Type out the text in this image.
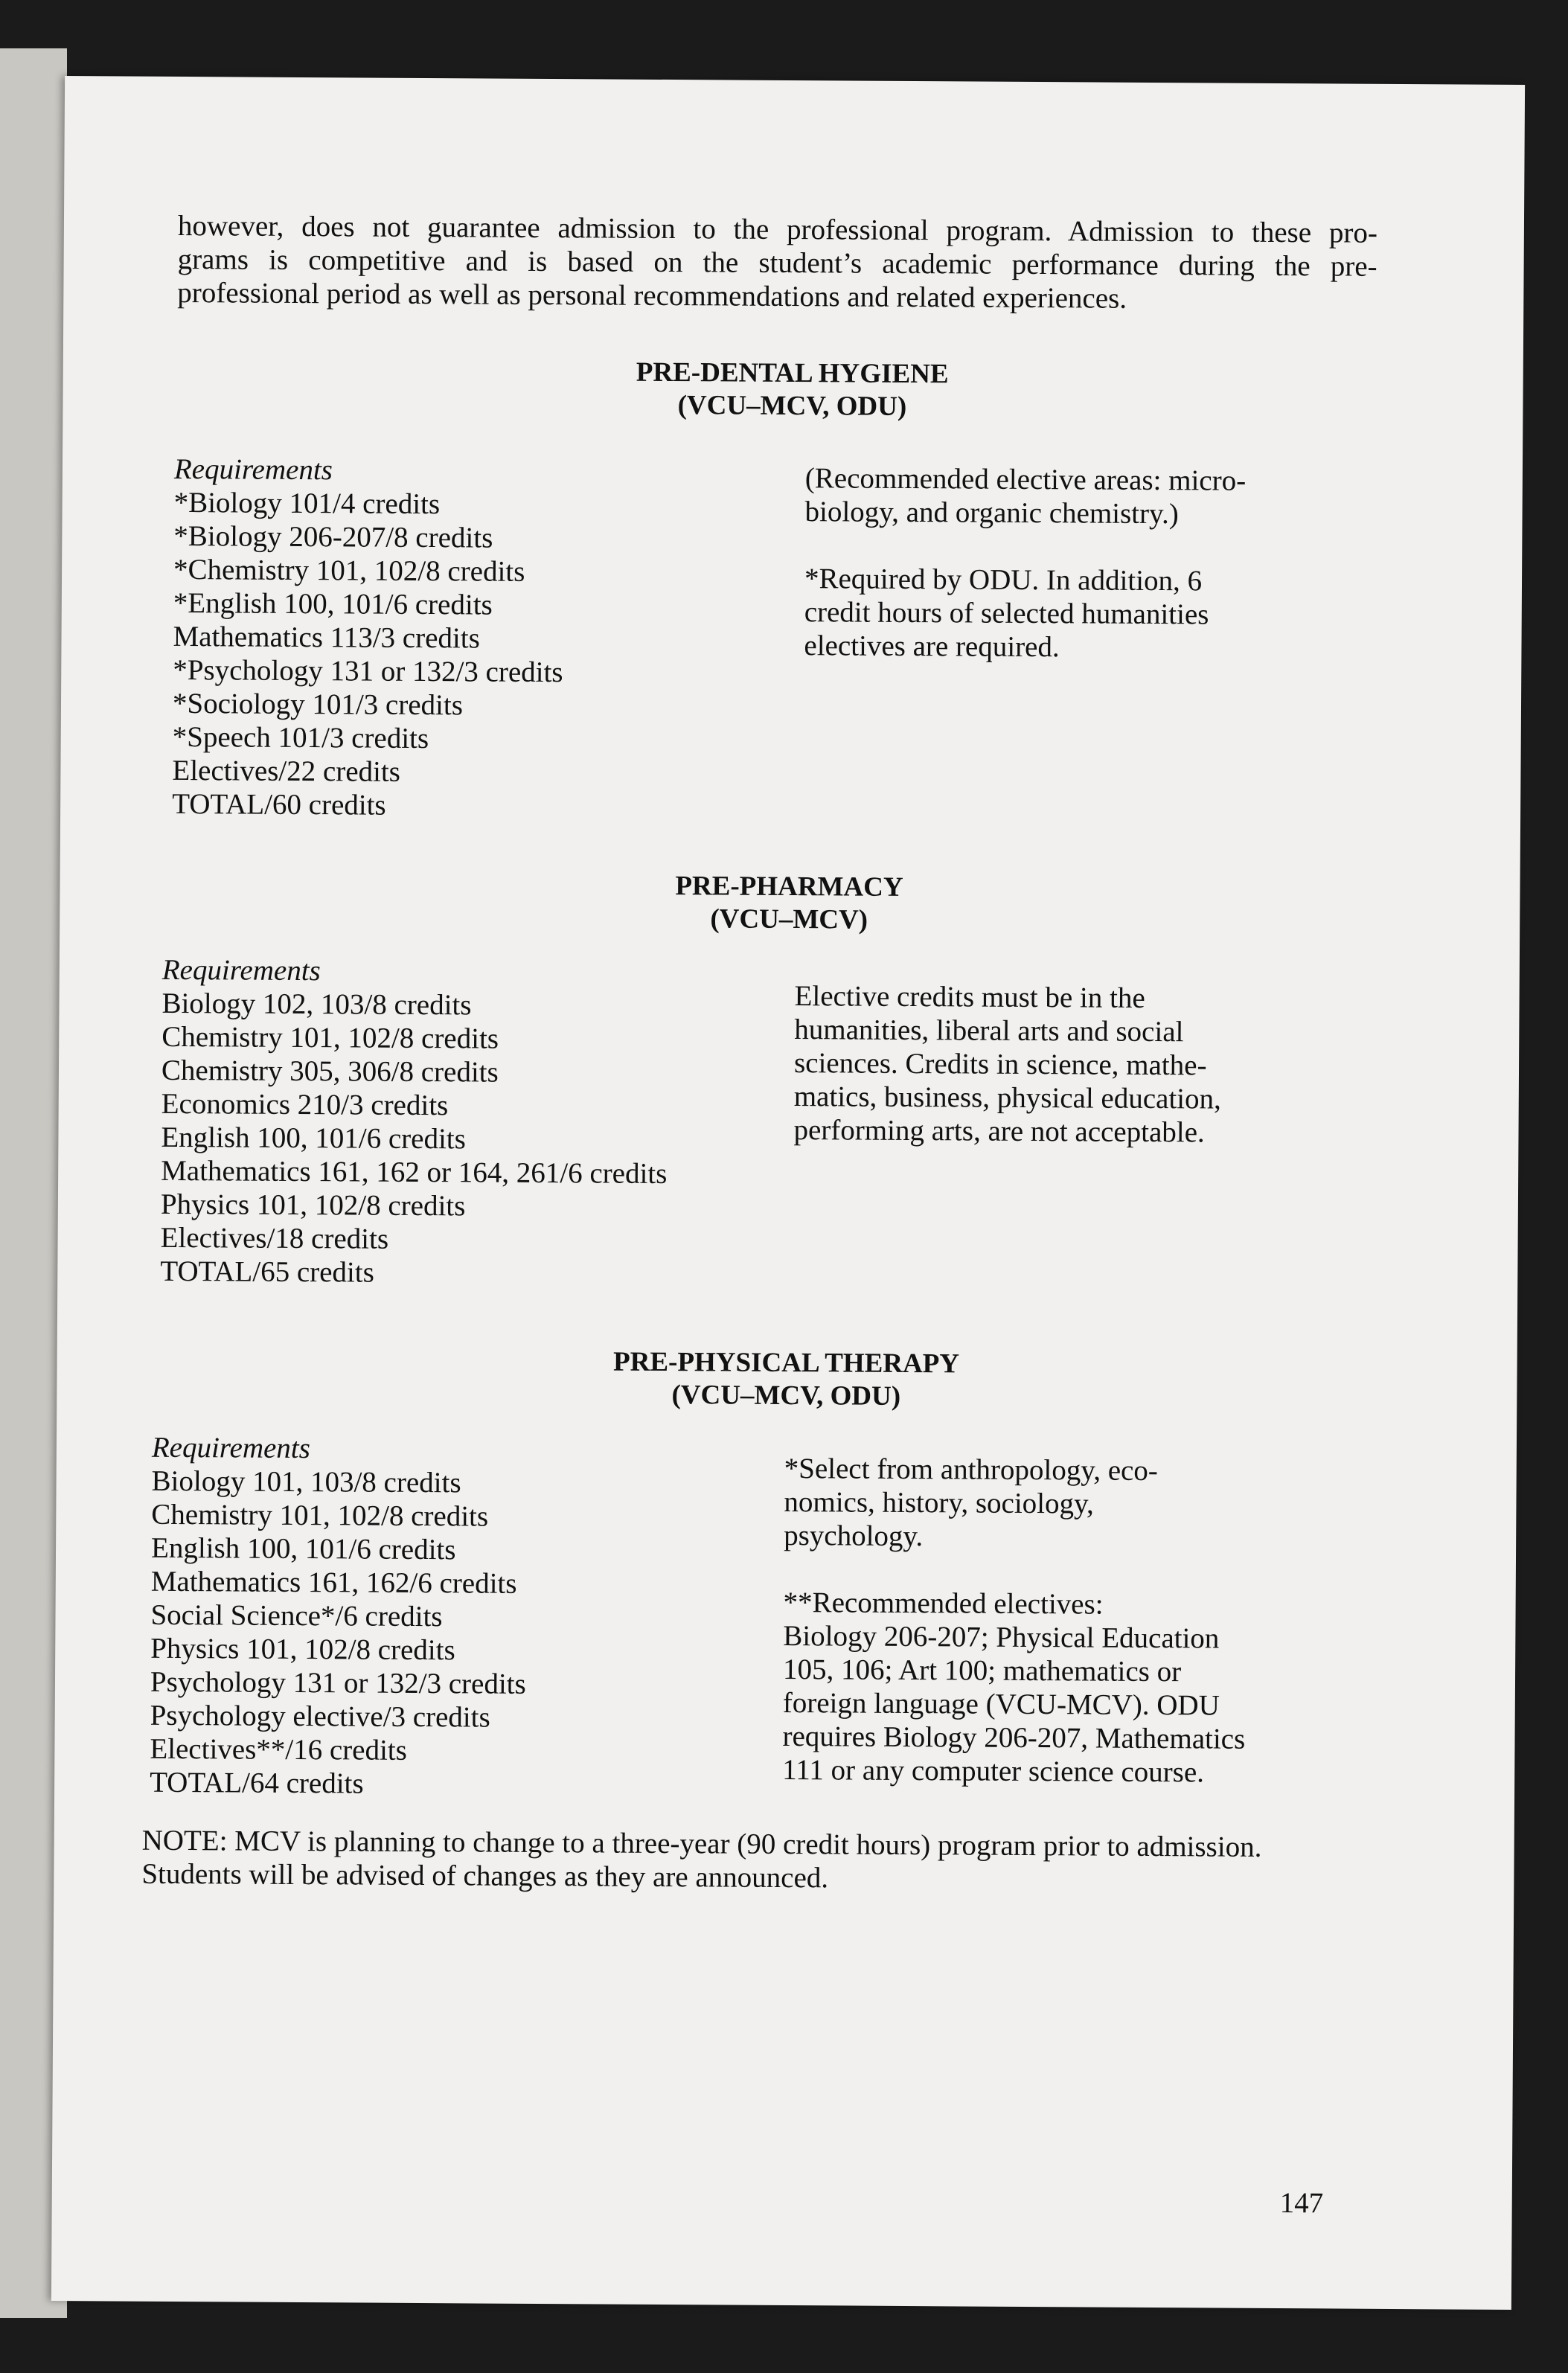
however, does not guarantee admission to the professional program. Admission to these pro-
grams is competitive and is based on the student’s academic performance during the pre-
professional period as well as personal recommendations and related experiences.
PRE-DENTAL HYGIENE
(VCU–MCV, ODU)
Requirements
*Biology 101/4 credits
*Biology 206-207/8 credits
*Chemistry 101, 102/8 credits
*English 100, 101/6 credits
Mathematics 113/3 credits
*Psychology 131 or 132/3 credits
*Sociology 101/3 credits
*Speech 101/3 credits
Electives/22 credits
TOTAL/60 credits
(Recommended elective areas: micro-
biology, and organic chemistry.)
*Required by ODU. In addition, 6
credit hours of selected humanities
electives are required.
PRE-PHARMACY
(VCU–MCV)
Requirements
Biology 102, 103/8 credits
Chemistry 101, 102/8 credits
Chemistry 305, 306/8 credits
Economics 210/3 credits
English 100, 101/6 credits
Mathematics 161, 162 or 164, 261/6 credits
Physics 101, 102/8 credits
Electives/18 credits
TOTAL/65 credits
Elective credits must be in the
humanities, liberal arts and social
sciences. Credits in science, mathe-
matics, business, physical education,
performing arts, are not acceptable.
PRE-PHYSICAL THERAPY
(VCU–MCV, ODU)
Requirements
Biology 101, 103/8 credits
Chemistry 101, 102/8 credits
English 100, 101/6 credits
Mathematics 161, 162/6 credits
Social Science*/6 credits
Physics 101, 102/8 credits
Psychology 131 or 132/3 credits
Psychology elective/3 credits
Electives**/16 credits
TOTAL/64 credits
*Select from anthropology, eco-
nomics, history, sociology,
psychology.
**Recommended electives:
Biology 206-207; Physical Education
105, 106; Art 100; mathematics or
foreign language (VCU-MCV). ODU
requires Biology 206-207, Mathematics
111 or any computer science course.
NOTE: MCV is planning to change to a three-year (90 credit hours) program prior to admission.
Students will be advised of changes as they are announced.
147
